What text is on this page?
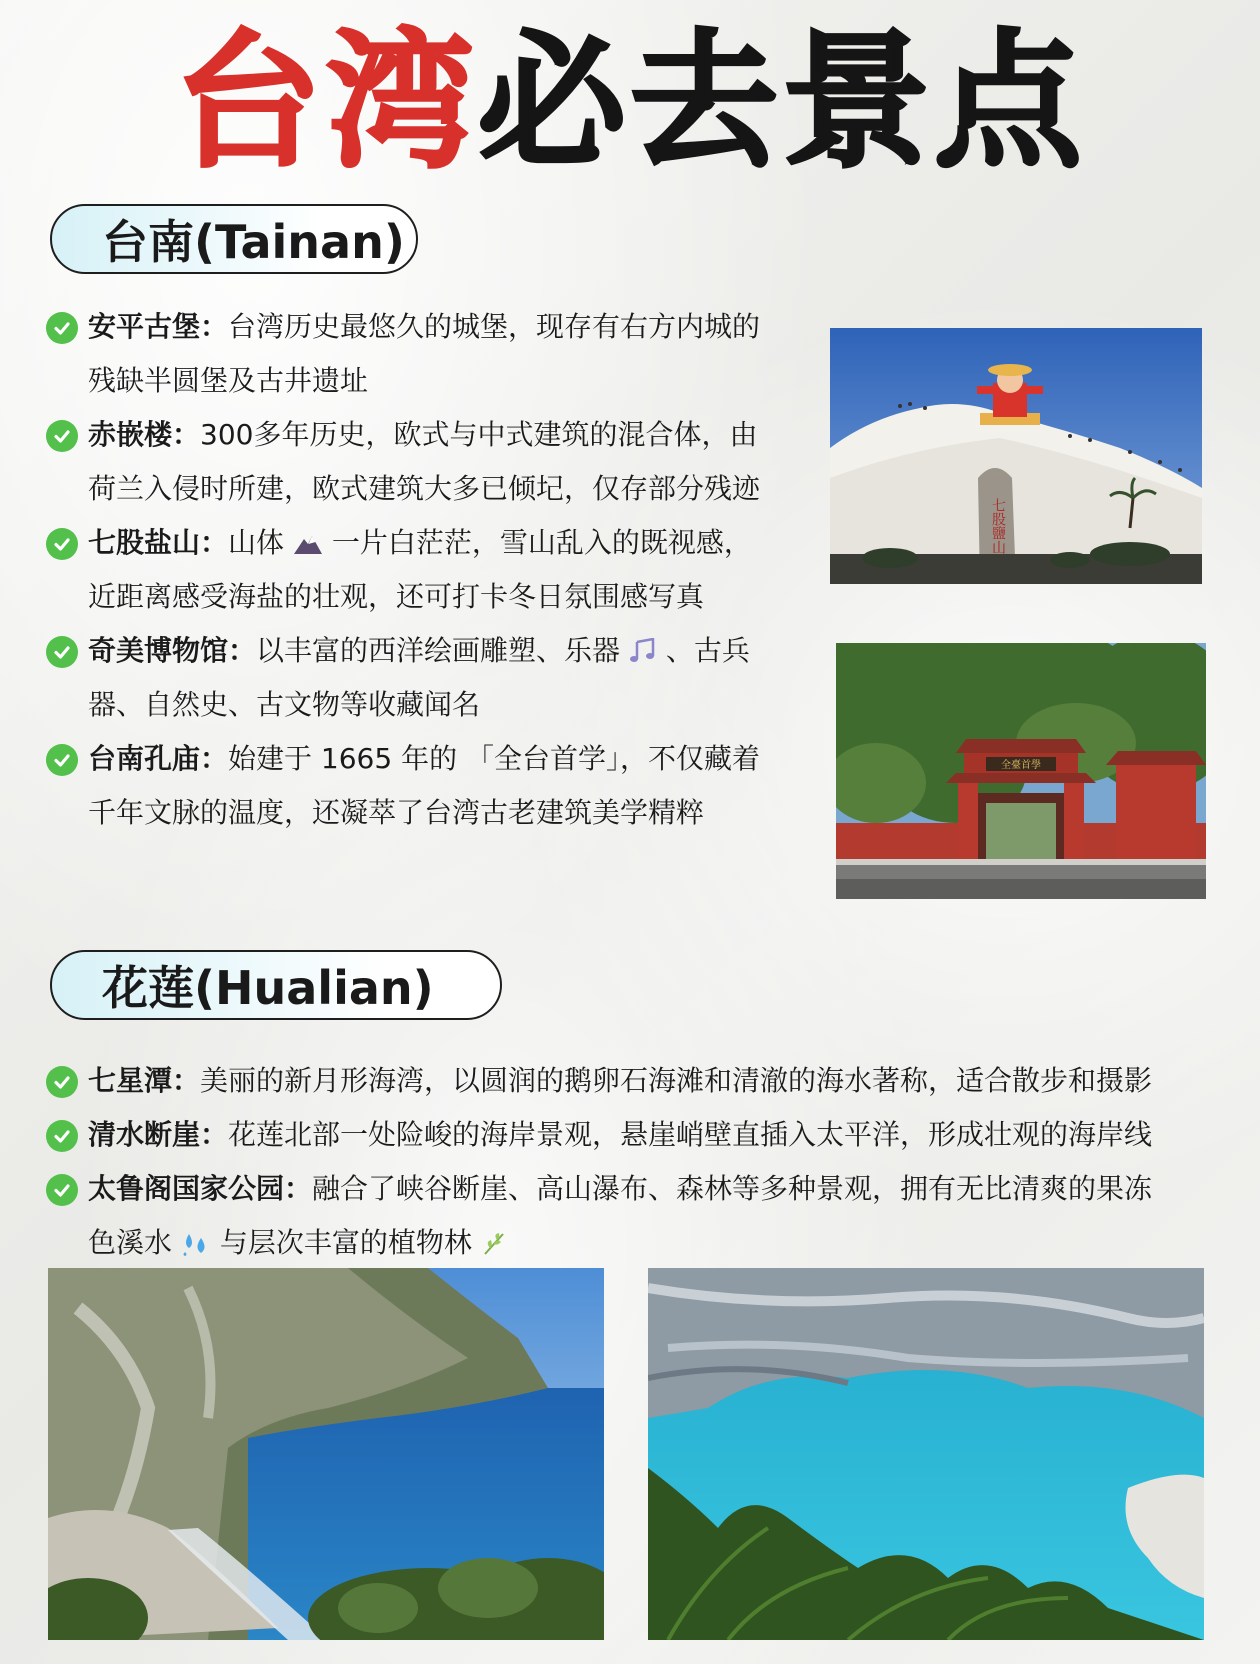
台湾必去景点
台南(Tainan)
安平古堡：台湾历史最悠久的城堡，现存有右方内城的
残缺半圆堡及古井遗址
赤嵌楼：300多年历史，欧式与中式建筑的混合体，由
荷兰入侵时所建，欧式建筑大多已倾圮，仅存部分残迹
七股盐山：山体 一片白茫茫，雪山乱入的既视感，
近距离感受海盐的壮观，还可打卡冬日氛围感写真
奇美博物馆：以丰富的西洋绘画雕塑、乐器 、古兵
器、自然史、古文物等收藏闻名
台南孔庙：始建于 1665 年的 「全台首学」，不仅藏着
千年文脉的温度，还凝萃了台湾古老建筑美学精粹
七股鹽山
全臺首學
花莲(Hualian)
七星潭：美丽的新月形海湾，以圆润的鹅卵石海滩和清澈的海水著称，适合散步和摄影
清水断崖：花莲北部一处险峻的海岸景观，悬崖峭壁直插入太平洋，形成壮观的海岸线
太鲁阁国家公园：融合了峡谷断崖、高山瀑布、森林等多种景观，拥有无比清爽的果冻
色溪水 与层次丰富的植物林
